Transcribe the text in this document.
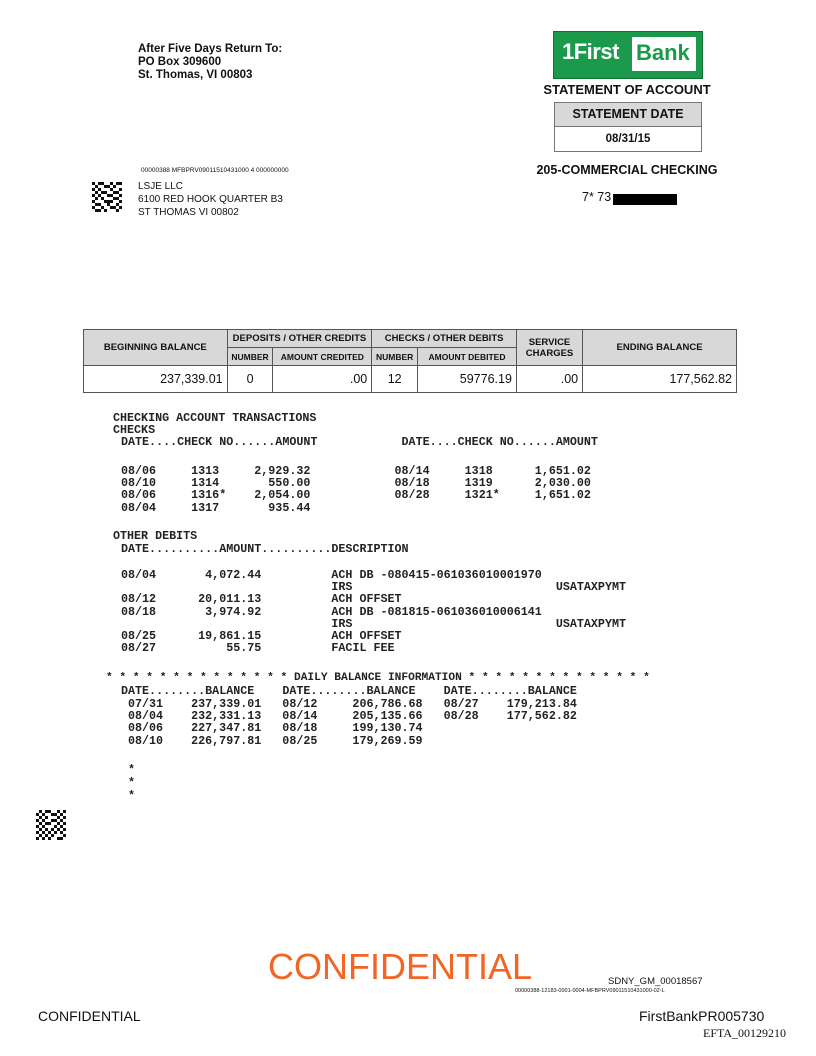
After Five Days Return To:
PO Box 309600
St. Thomas, VI 00803
1First Bank
STATEMENT OF ACCOUNT
STATEMENT DATE
08/31/15
205-COMMERCIAL CHECKING
7* 73
00000388 MFBPRV09011510431000 4 000000000
LSJE LLC
6100 RED HOOK QUARTER B3
ST THOMAS VI 00802
BEGINNING BALANCE	DEPOSITS / OTHER CREDITS		CHECKS / OTHER DEBITS		SERVICE CHARGES	ENDING BALANCE
	NUMBER	AMOUNT CREDITED	NUMBER	AMOUNT DEBITED		
237,339.01	0	.00	12	59776.19	.00	177,562.82
CHECKING ACCOUNT TRANSACTIONS
CHECKS
DATE....CHECK NO......AMOUNT            DATE....CHECK NO......AMOUNT
08/06     1313     2,929.32            08/14     1318      1,651.02
08/10     1314       550.00            08/18     1319      2,030.00
08/06     1316*    2,054.00            08/28     1321*     1,651.02
08/04     1317       935.44
OTHER DEBITS
DATE..........AMOUNT..........DESCRIPTION
08/04       4,072.44          ACH DB -080415-061036010001970
IRS                             USATAXPYMT
08/12      20,011.13          ACH OFFSET
08/18       3,974.92          ACH DB -081815-061036010006141
IRS                             USATAXPYMT
08/25      19,861.15          ACH OFFSET
08/27          55.75          FACIL FEE
* * * * * * * * * * * * * * DAILY BALANCE INFORMATION * * * * * * * * * * * * * *
DATE........BALANCE    DATE........BALANCE    DATE........BALANCE
07/31    237,339.01   08/12     206,786.68   08/27    179,213.84
08/04    232,331.13   08/14     205,135.66   08/28    177,562.82
08/06    227,347.81   08/18     199,130.74
08/10    226,797.81   08/25     179,269.59
*
*
*
CONFIDENTIAL	SDNY_GM_00018567
00000388-12183-0001-0004-MFBPRV09011510431000-02-L
CONFIDENTIAL	FirstBankPR005730
EFTA_00129210
